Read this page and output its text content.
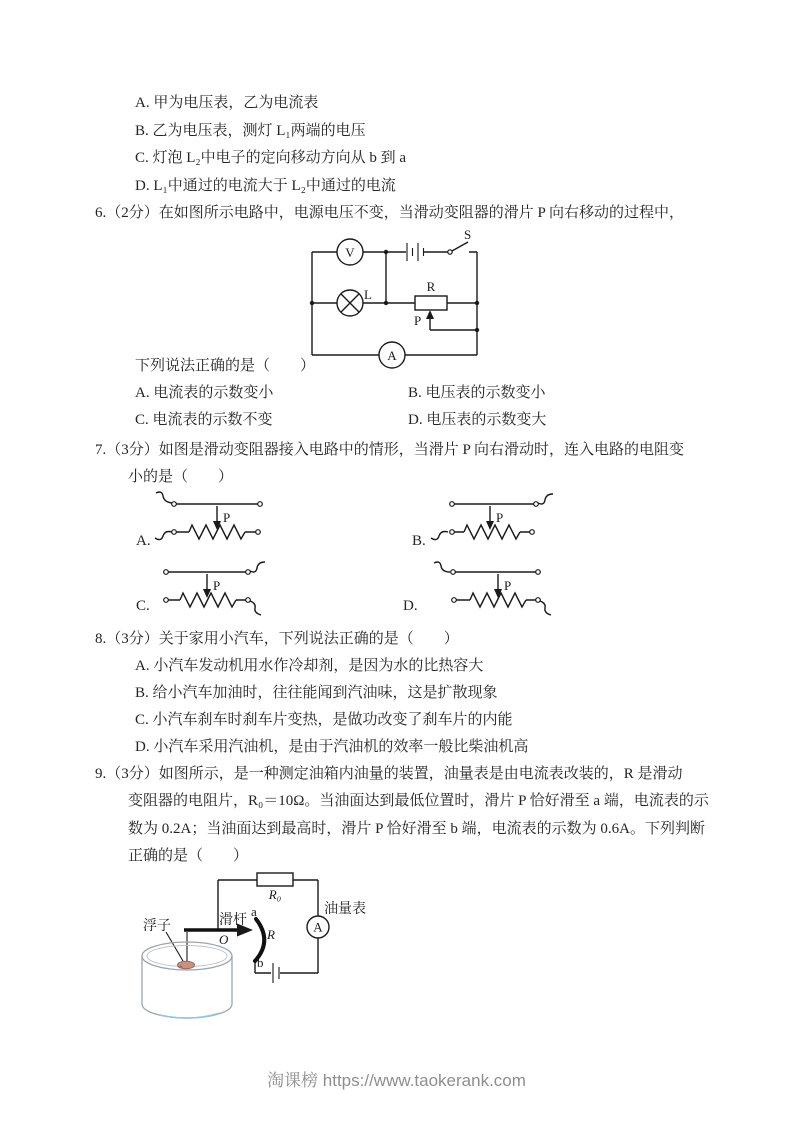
A. 甲为电压表，乙为电流表
B. 乙为电压表，测灯 L₁两端的电压
C. 灯泡 L₂中电子的定向移动方向从 b 到 a
D. L₁中通过的电流大于 L₂中通过的电流
6.（2分）在如图所示电路中，电源电压不变，当滑动变阻器的滑片 P 向右移动的过程中，
V
S
L
R
P
A
下列说法正确的是（　　）
A. 电流表的示数变小	B. 电压表的示数变小
C. 电流表的示数不变	D. 电压表的示数变大
7.（3分）如图是滑动变阻器接入电路中的情形，当滑片 P 向右滑动时，连入电路的电阻变
小的是（　　）
P
A.
P
B.
P
C.
P
D.
8.（3分）关于家用小汽车，下列说法正确的是（　　）
A. 小汽车发动机用水作冷却剂，是因为水的比热容大
B. 给小汽车加油时，往往能闻到汽油味，这是扩散现象
C. 小汽车刹车时刹车片变热，是做功改变了刹车片的内能
D. 小汽车采用汽油机，是由于汽油机的效率一般比柴油机高
9.（3分）如图所示，是一种测定油箱内油量的装置，油量表是由电流表改装的，R 是滑动
变阻器的电阻片，R₀＝10Ω。当油面达到最低位置时，滑片 P 恰好滑至 a 端，电流表的示
数为 0.2A；当油面达到最高时，滑片 P 恰好滑至 b 端，电流表的示数为 0.6A。下列判断
正确的是（　　）
R₀
A
油量表
滑杆
O
a
R
b
浮子
淘课榜 https://www.taokerank.com
